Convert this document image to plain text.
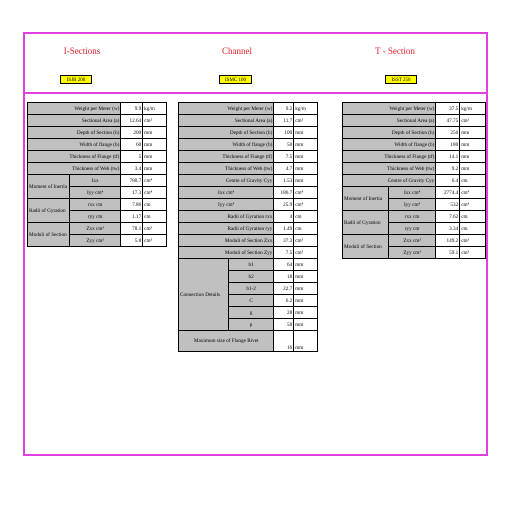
I-Sections
ISJB 200
Channel
ISMC 100
T - Section
ISST 250
Weight per Meter (w)		9.9	kg/m
Sectional Area (a)		12.64	cm²
Depth of Section (h)		200	mm
Width of flange (b)		60	mm
Thickness of Flange (tf)		5	mm
Thickness of Web (tw)		3.4	mm
Moment of Inertia	Ixx	780.7	cm⁴
	Iyy cm⁴	17.3	cm⁴
Radii of Gyration	rxx cm	7.86	cm
	ryy cm	1.17	cm
Moduli of Section	Zxx cm³	78.1	cm³
	Zyy cm³	5.8	cm³
Weight per Meter (w)		9.2	kg/m
Sectional Area (a)		11.7	cm²
Depth of Section (h)		100	mm
Width of flange (b)		50	mm
Thickness of Flange (tf)		7.5	mm
Thickness of Web (tw)		4.7	mm
Centre of Gravity Cyy		1.53	mm
Ixx cm⁴		186.7	cm⁴
Iyy cm⁴		25.9	cm⁴
Radii of Gyration rxx		4	cm
Radii of Gyration ryy		1.49	cm
Moduli of Section Zxx		37.3	cm³
Moduli of Section Zyy		7.5	cm³
Connection Details	b1	64	mm
	b2	18	mm
	b1-2	22.7	mm
	C	6.2	mm
	g	28	mm
	p	50	mm
Maximum size of Flange Rivet		16	mm
Weight per Meter (w)		37.5	kg/m
Sectional Area (a)		47.75	cm²
Depth of Section (h)		250	mm
Width of flange (b)		180	mm
Thickness of Flange (tf)		14.1	mm
Thickness of Web (tw)		9.2	mm
Centre of Gravity Cyy		6.4	cm
Moment of Inertia	Ixx cm⁴	2774.4	cm⁴
	Iyy cm⁴	532	cm⁴
Radii of Gyration	rxx cm	7.62	cm
	ryy cm	3.34	cm
Moduli of Section	Zxx cm³	149.2	cm³
	Zyy cm³	59.1	cm³
